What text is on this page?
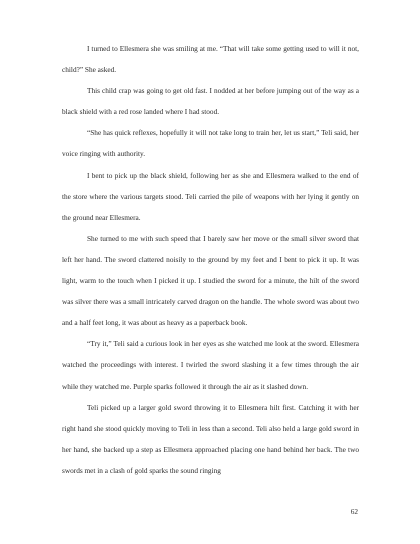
I turned to Ellesmera she was smiling at me. “That will take some getting used to will it not, child?” She asked.

This child crap was going to get old fast. I nodded at her before jumping out of the way as a black shield with a red rose landed where I had stood.

“She has quick reflexes, hopefully it will not take long to train her, let us start,” Teli said, her voice ringing with authority.

I bent to pick up the black shield, following her as she and Ellesmera walked to the end of the store where the various targets stood. Teli carried the pile of weapons with her lying it gently on the ground near Ellesmera.

She turned to me with such speed that I barely saw her move or the small silver sword that left her hand. The sword clattered noisily to the ground by my feet and I bent to pick it up. It was light, warm to the touch when I picked it up. I studied the sword for a minute, the hilt of the sword was silver there was a small intricately carved dragon on the handle. The whole sword was about two and a half feet long, it was about as heavy as a paperback book.

“Try it,” Teli said a curious look in her eyes as she watched me look at the sword. Ellesmera watched the proceedings with interest. I twirled the sword slashing it a few times through the air while they watched me. Purple sparks followed it through the air as it slashed down.

Teli picked up a larger gold sword throwing it to Ellesmera hilt first. Catching it with her right hand she stood quickly moving to Teli in less than a second. Teli also held a large gold sword in her hand, she backed up a step as Ellesmera approached placing one hand behind her back. The two swords met in a clash of gold sparks the sound ringing

62
